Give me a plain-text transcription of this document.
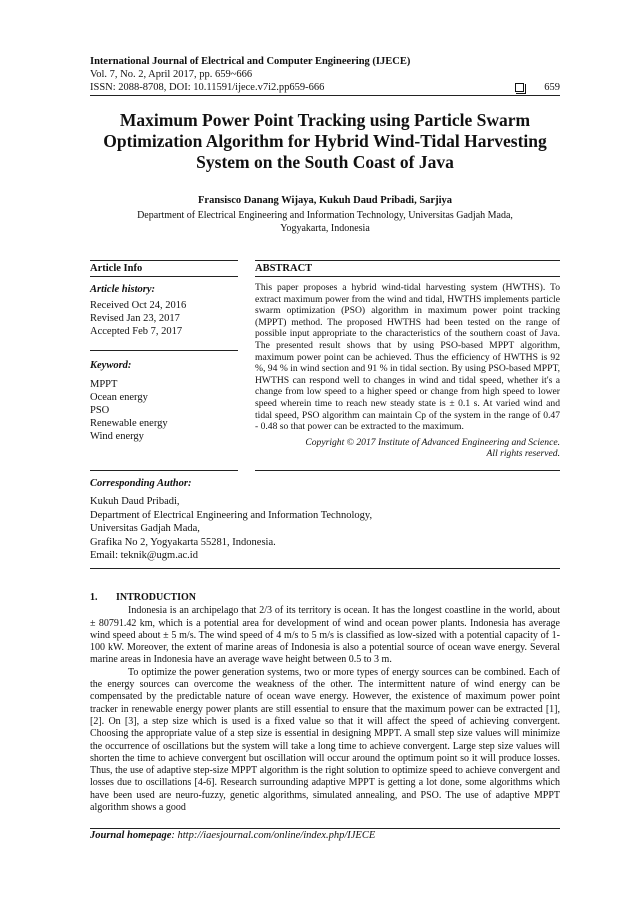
International Journal of Electrical and Computer Engineering (IJECE)
Vol. 7, No. 2, April 2017, pp. 659~666
ISSN: 2088-8708, DOI: 10.11591/ijece.v7i2.pp659-666	659
Maximum Power Point Tracking using Particle Swarm Optimization Algorithm for Hybrid Wind-Tidal Harvesting System on the South Coast of Java
Fransisco Danang Wijaya, Kukuh Daud Pribadi, Sarjiya
Department of Electrical Engineering and Information Technology, Universitas Gadjah Mada,
Yogyakarta, Indonesia
Article Info
Article history:
Received Oct 24, 2016
Revised Jan 23, 2017
Accepted Feb 7, 2017
Keyword:
MPPT
Ocean energy
PSO
Renewable energy
Wind energy
ABSTRACT
This paper proposes a hybrid wind-tidal harvesting system (HWTHS). To extract maximum power from the wind and tidal, HWTHS implements particle swarm optimization (PSO) algorithm in maximum power point tracking (MPPT) method. The proposed HWTHS had been tested on the range of possible input appropriate to the characteristics of the southern coast of Java. The presented result shows that by using PSO-based MPPT algorithm, maximum power point can be achieved. Thus the efficiency of HWTHS is 92 %, 94 % in wind section and 91 % in tidal section. By using PSO-based MPPT, HWTHS can respond well to changes in wind and tidal speed, whether it's a change from low speed to a higher speed or change from high speed to lower speed wherein time to reach new steady state is ± 0.1 s. At varied wind and tidal speed, PSO algorithm can maintain Cp of the system in the range of 0.47 - 0.48 so that power can be extracted to the maximum.
Copyright © 2017 Institute of Advanced Engineering and Science.
All rights reserved.
Corresponding Author:
Kukuh Daud Pribadi,
Department of Electrical Engineering and Information Technology,
Universitas Gadjah Mada,
Grafika No 2, Yogyakarta 55281, Indonesia.
Email: teknik@ugm.ac.id
1. INTRODUCTION

Indonesia is an archipelago that 2/3 of its territory is ocean. It has the longest coastline in the world, about ± 80791.42 km, which is a potential area for development of wind and ocean power plants. Indonesia has average wind speed about ± 5 m/s. The wind speed of 4 m/s to 5 m/s is classified as low-sized with a potential capacity of 1-100 kW. Moreover, the extent of marine areas of Indonesia is also a potential source of ocean wave energy. Several marine areas in Indonesia have an average wave height between 0.5 to 3 m.

To optimize the power generation systems, two or more types of energy sources can be combined. Each of the energy sources can overcome the weakness of the other. The intermittent nature of wind energy can be compensated by the predictable nature of ocean wave energy. However, the existence of maximum power point tracker in renewable energy power plants are still essential to ensure that the maximum power can be extracted [1], [2]. On [3], a step size which is used is a fixed value so that it will affect the speed of achieving convergent. Choosing the appropriate value of a step size is essential in designing MPPT. A small step size values will minimize the occurrence of oscillations but the system will take a long time to achieve convergent. Large step size values will shorten the time to achieve convergent but oscillation will occur around the optimum point so it will produce losses. Thus, the use of adaptive step-size MPPT algorithm is the right solution to optimize speed to achieve convergent and losses due to oscillations [4-6]. Research surrounding adaptive MPPT is getting a lot done, some algorithms which have been used are neuro-fuzzy, genetic algorithms, simulated annealing, and PSO. The use of adaptive MPPT algorithm shows a good

Journal homepage: http://iaesjournal.com/online/index.php/IJECE
